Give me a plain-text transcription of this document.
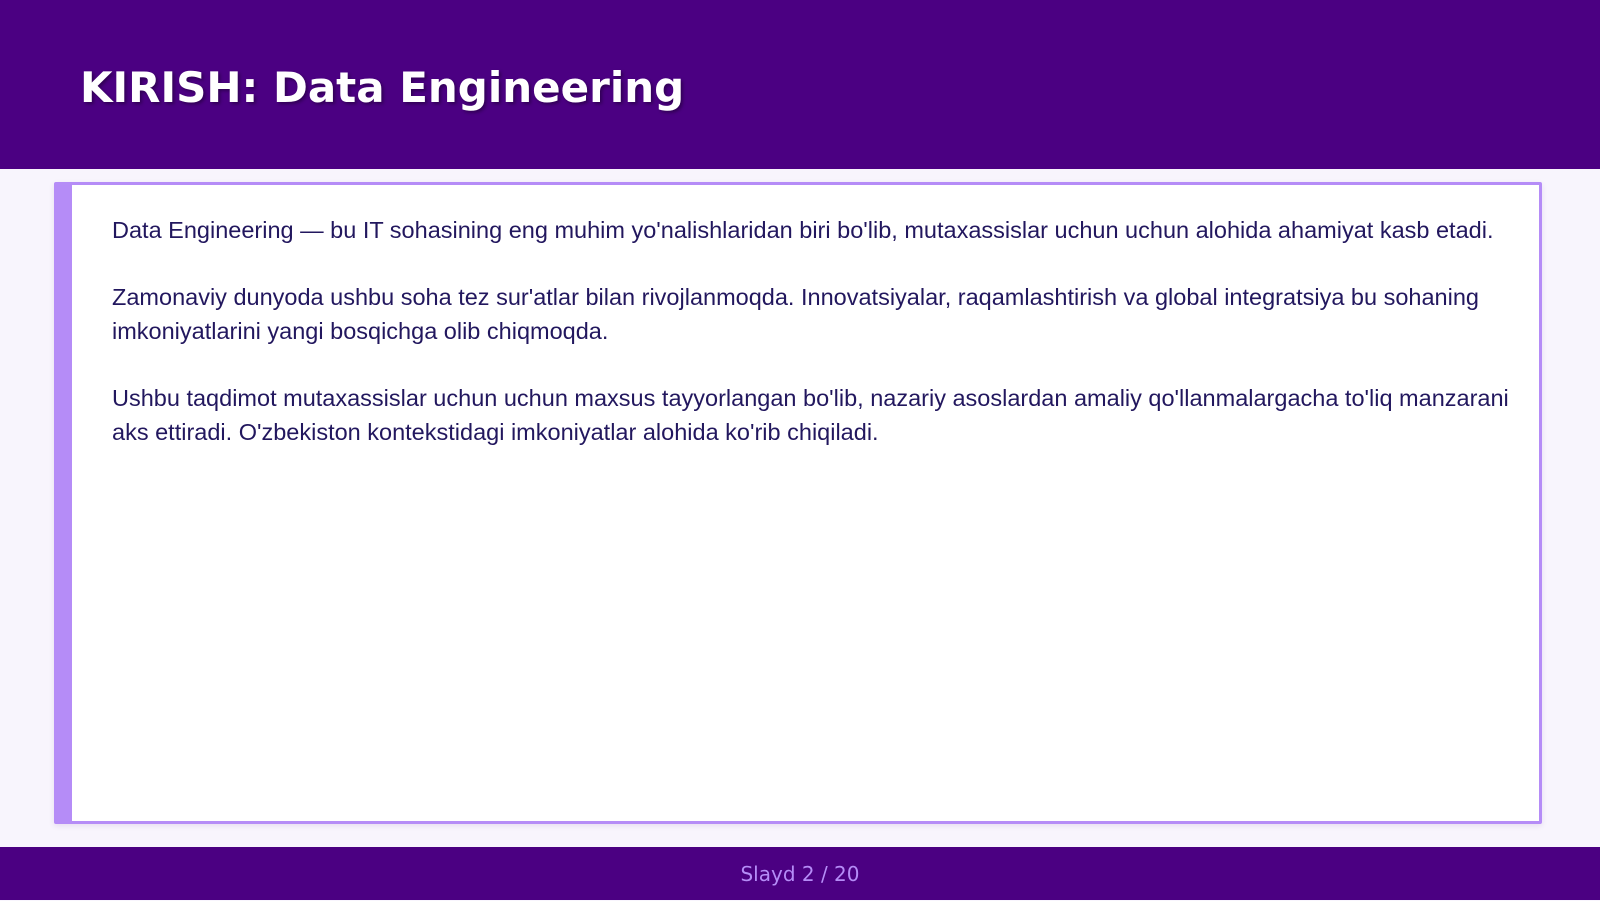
KIRISH: Data Engineering

Data Engineering — bu IT sohasining eng muhim yo'nalishlaridan biri bo'lib, mutaxassislar uchun uchun alohida ahamiyat kasb etadi.

Zamonaviy dunyoda ushbu soha tez sur'atlar bilan rivojlanmoqda. Innovatsiyalar, raqamlashtirish va global integratsiya bu sohaning imkoniyatlarini yangi bosqichga olib chiqmoqda.

Ushbu taqdimot mutaxassislar uchun uchun maxsus tayyorlangan bo'lib, nazariy asoslardan amaliy qo'llanmalargacha to'liq manzarani aks ettiradi. O'zbekiston kontekstidagi imkoniyatlar alohida ko'rib chiqiladi.

Slayd 2 / 20
